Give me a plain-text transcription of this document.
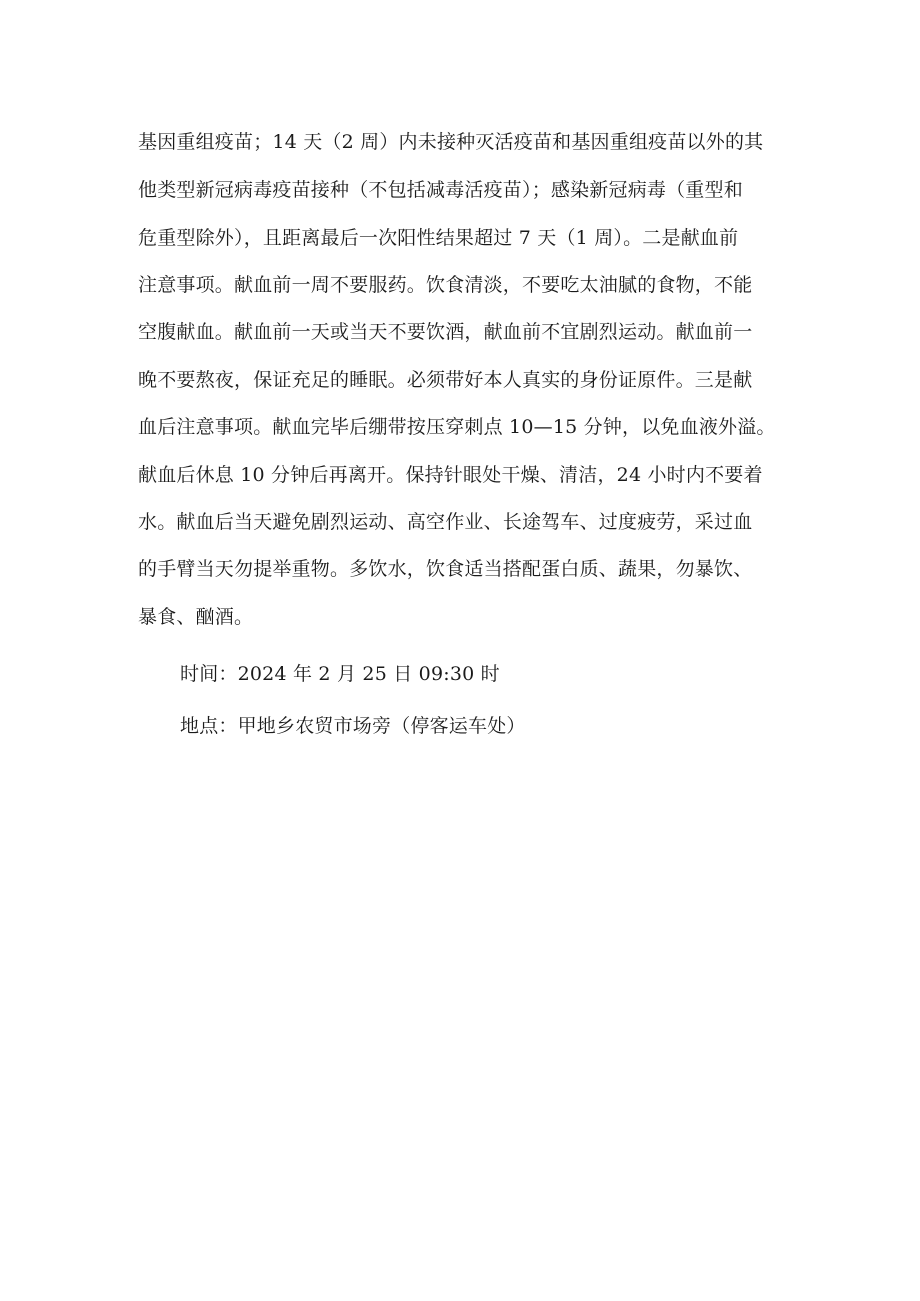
基因重组疫苗；14 天（2 周）内未接种灭活疫苗和基因重组疫苗以外的其
他类型新冠病毒疫苗接种（不包括减毒活疫苗）；感染新冠病毒（重型和
危重型除外），且距离最后一次阳性结果超过 7 天（1 周）。二是献血前
注意事项。献血前一周不要服药。饮食清淡，不要吃太油腻的食物，不能
空腹献血。献血前一天或当天不要饮酒，献血前不宜剧烈运动。献血前一
晚不要熬夜，保证充足的睡眠。必须带好本人真实的身份证原件。三是献
血后注意事项。献血完毕后绷带按压穿刺点 10—15 分钟，以免血液外溢。
献血后休息 10 分钟后再离开。保持针眼处干燥、清洁，24 小时内不要着
水。献血后当天避免剧烈运动、高空作业、长途驾车、过度疲劳，采过血
的手臂当天勿提举重物。多饮水，饮食适当搭配蛋白质、蔬果，勿暴饮、
暴食、酗酒。
时间：2024 年 2 月 25 日 09:30 时
地点：甲地乡农贸市场旁（停客运车处）
